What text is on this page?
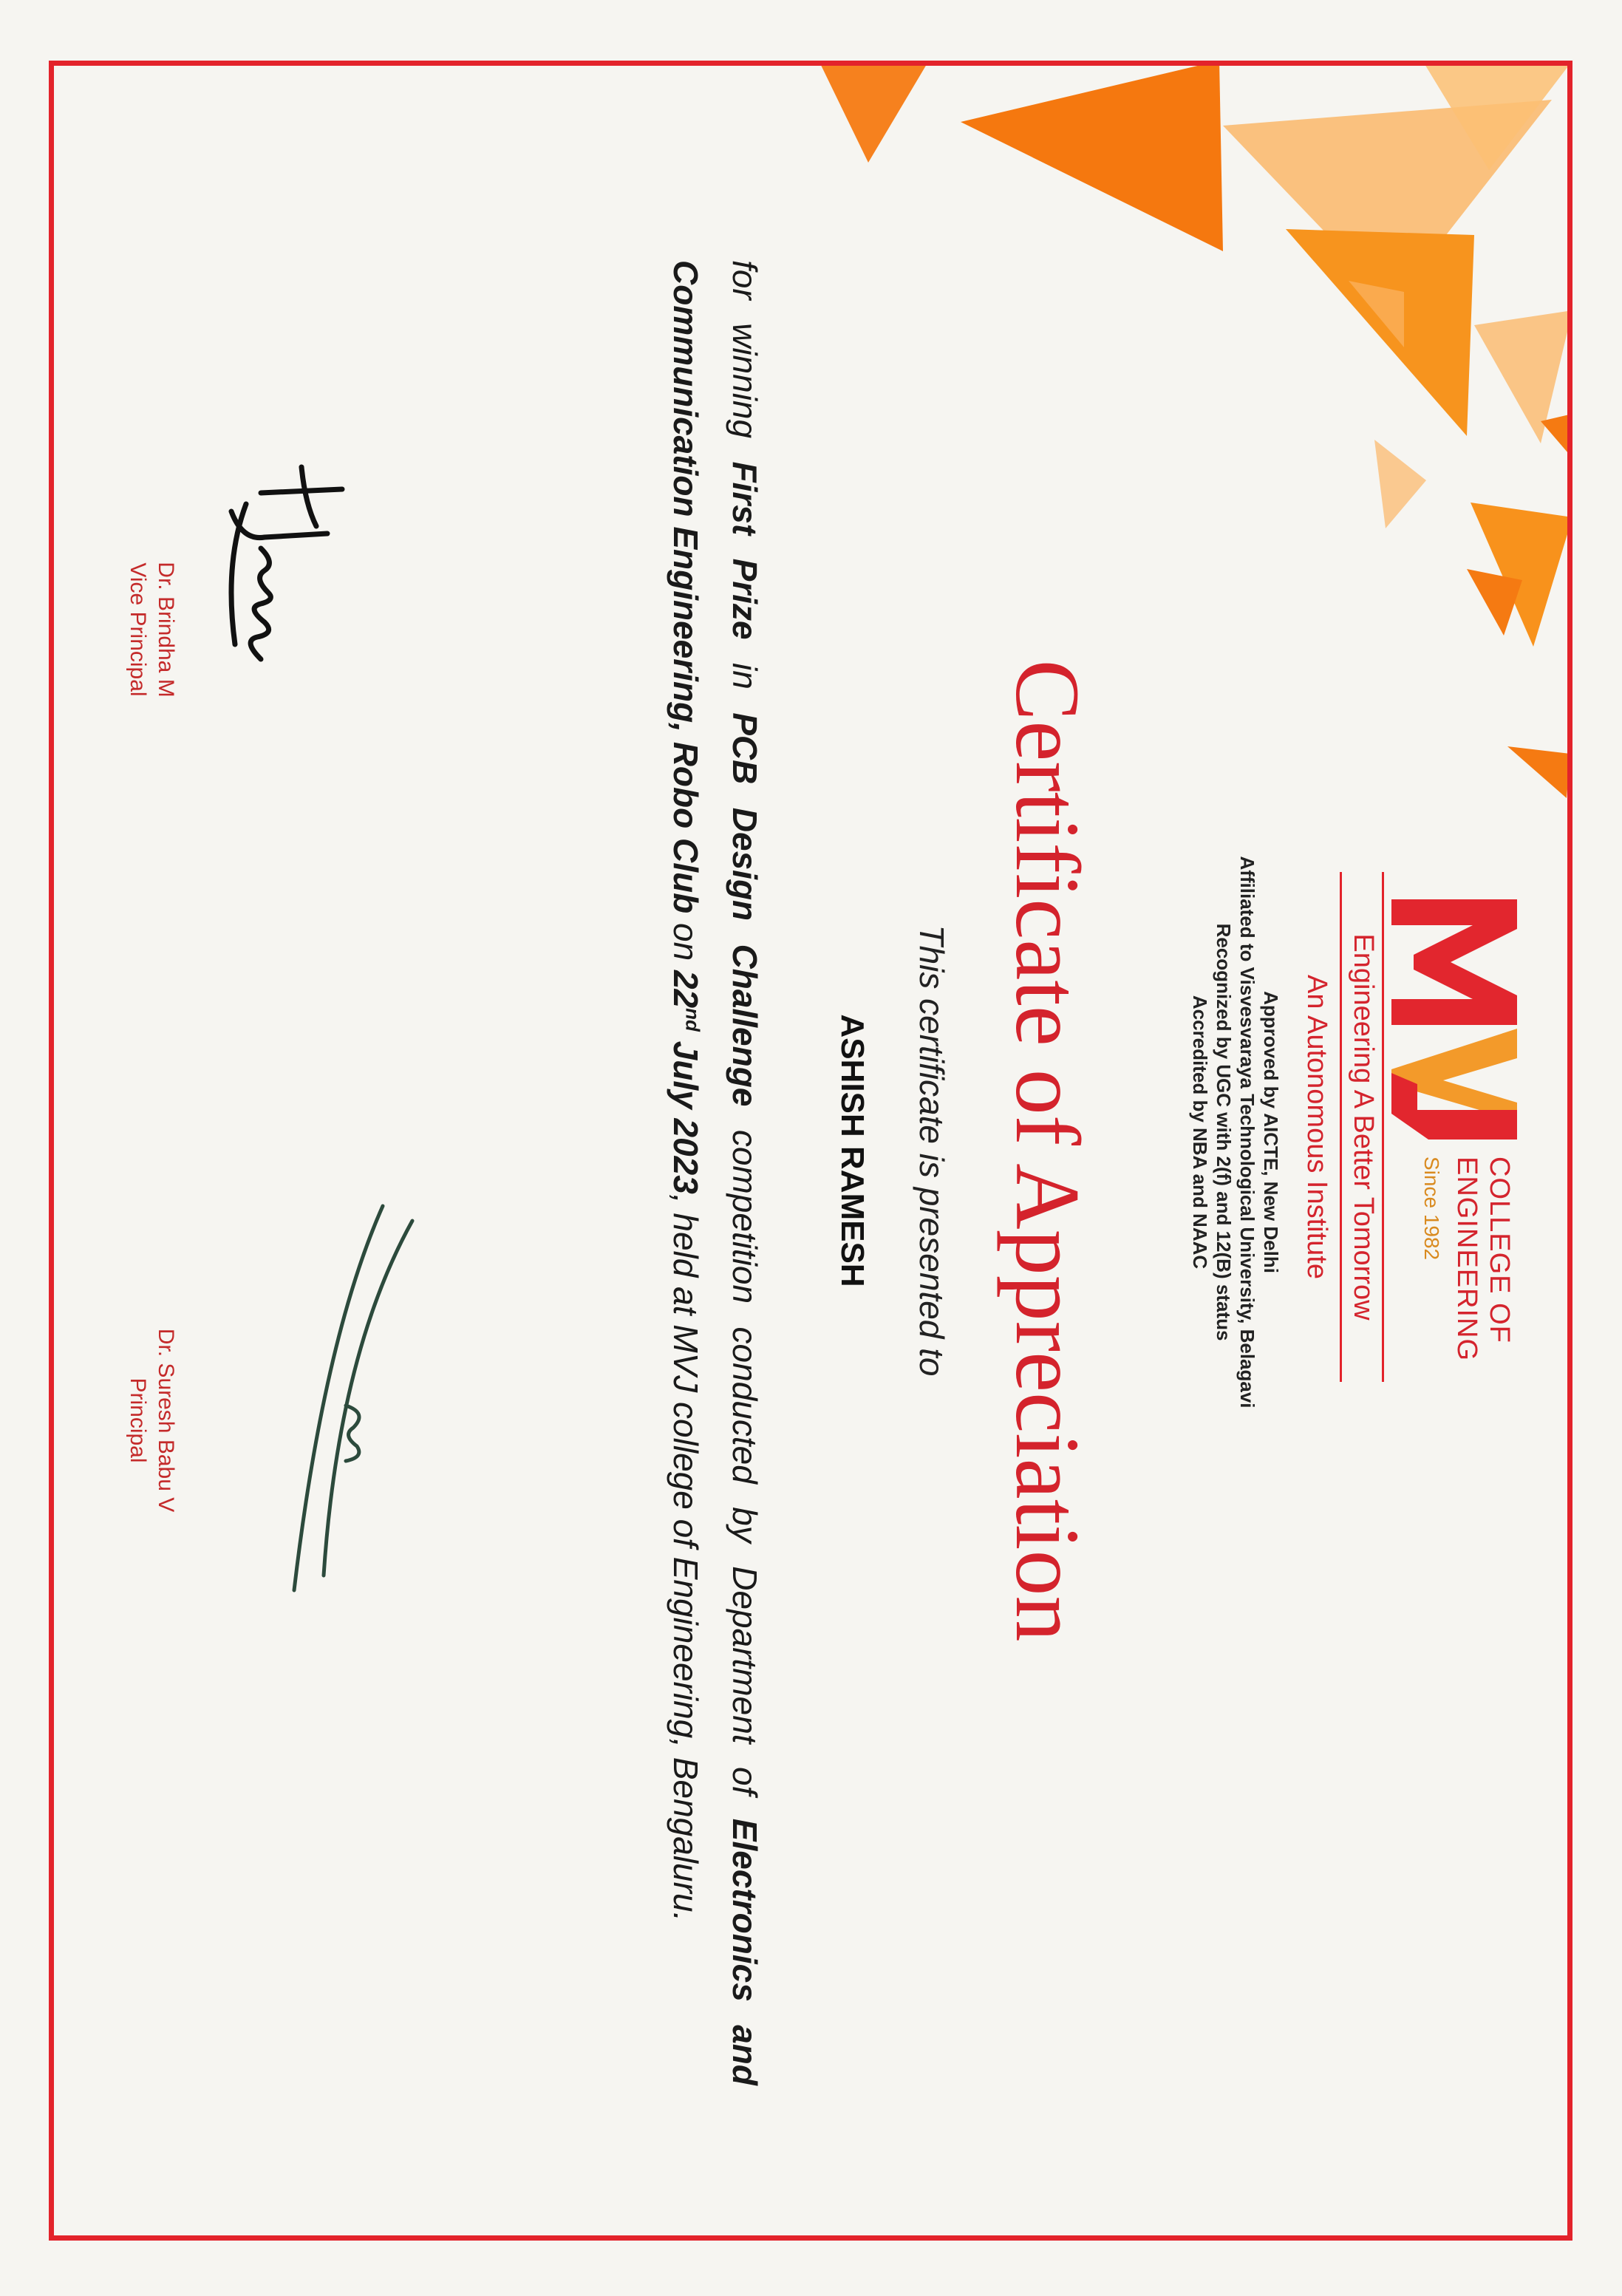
COLLEGE OF
ENGINEERING
Since 1982
Engineering A Better Tomorrow
An Autonomous Institute
Approved by AICTE, New Delhi
Affiliated to Visvesvaraya Technological University, Belagavi
Recognized by UGC with 2(f) and 12(B) status
Accredited by NBA and NAAC
Certificate of Appreciation
This certificate is presented to
ASHISH RAMESH
for winning First Prize in PCB Design Challenge competition conducted by Department of Electronics and Communication Engineering, Robo Club on 22nd July 2023, held at MVJ college of Engineering, Bengaluru.
Dr. Brindha M
Vice Principal
Dr. Suresh Babu V
Principal
